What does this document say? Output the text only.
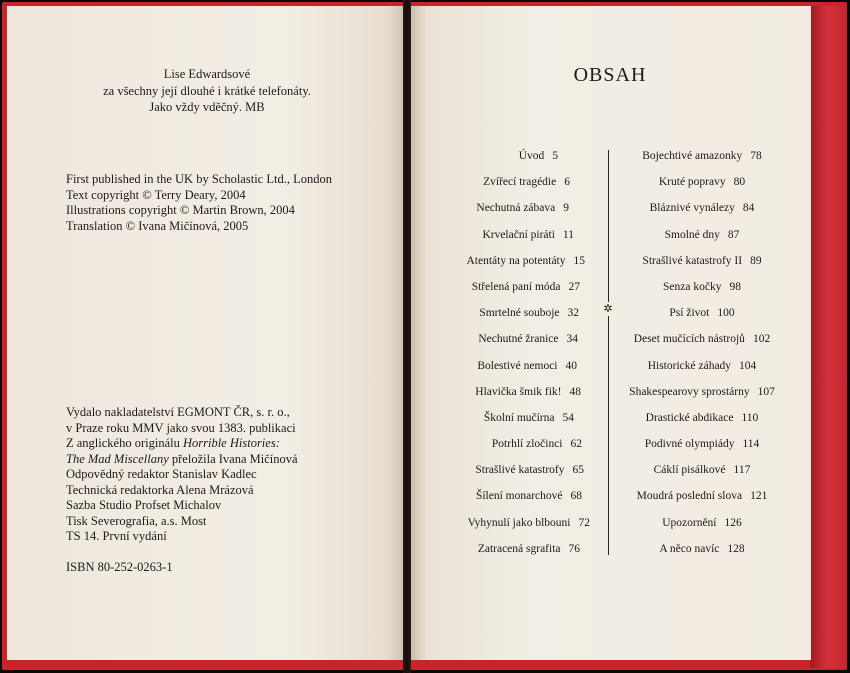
Lise Edwardsové
za všechny její dlouhé i krátké telefonáty.
Jako vždy vděčný. MB
First published in the UK by Scholastic Ltd., London
Text copyright © Terry Deary, 2004
Illustrations copyright © Martin Brown, 2004
Translation © Ivana Mičínová, 2005
Vydalo nakladatelství EGMONT ČR, s. r. o.,
v Praze roku MMV jako svou 1383. publikaci
Z anglického originálu Horrible Histories:
The Mad Miscellany přeložila Ivana Mičínová
Odpovědný redaktor Stanislav Kadlec
Technická redaktorka Alena Mrázová
Sazba Studio Profset Michalov
Tisk Severografia, a.s. Most
TS 14. První vydání
ISBN 80-252-0263-1
OBSAH
Úvod 5
Zvířecí tragédie 6
Nechutná zábava 9
Krvelační piráti 11
Atentáty na potentáty 15
Střelená paní móda 27
Smrtelné souboje 32
Nechutné žranice 34
Bolestivé nemoci 40
Hlavička šmik fik! 48
Školní mučírna 54
Potrhlí zločinci 62
Strašlivé katastrofy 65
Šílení monarchové 68
Vyhynulí jako blbouni 72
Zatracená sgrafita 76
✲
Bojechtivé amazonky 78
Kruté popravy 80
Bláznivé vynálezy 84
Smolné dny 87
Strašlivé katastrofy II 89
Senza kočky 98
Psí život 100
Deset mučících nástrojů 102
Historické záhady 104
Shakespearovy sprostárny 107
Drastické abdikace 110
Podivné olympiády 114
Cáklí pisálkové 117
Moudrá poslední slova 121
Upozornění 126
A něco navíc 128
